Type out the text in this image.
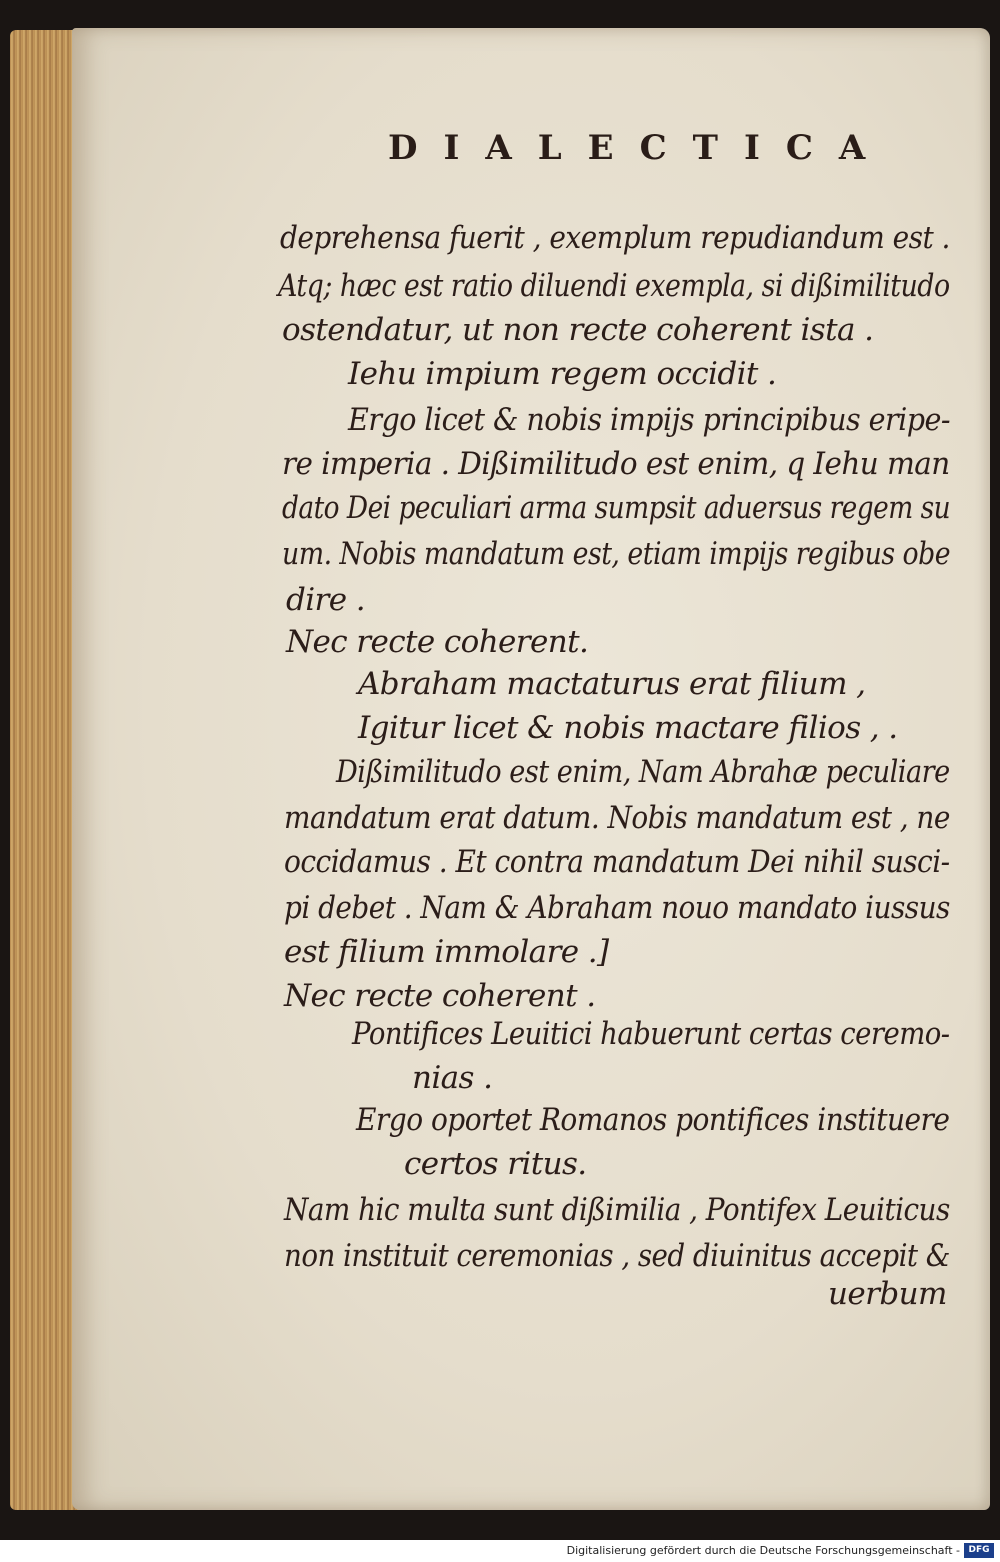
DIALECTICA
deprehensa fuerit , exemplum repudiandum est .
Atq; hæc est ratio diluendi exempla, si dißimilitudo
ostendatur, ut non recte coherent ista .
Iehu impium regem occidit .
Ergo licet & nobis impijs principibus eripe-
re imperia . Dißimilitudo est enim, q Iehu man
dato Dei peculiari arma sumpsit aduersus regem su
um. Nobis mandatum est, etiam impijs regibus obe
dire .
Nec recte coherent.
Abraham mactaturus erat filium ,
Igitur licet & nobis mactare filios , .
Dißimilitudo est enim, Nam Abrahæ peculiare
mandatum erat datum. Nobis mandatum est , ne
occidamus . Et contra mandatum Dei nihil susci-
pi debet . Nam & Abraham nouo mandato iussus
est filium immolare .]
Nec recte coherent .
Pontifices Leuitici habuerunt certas ceremo-
nias .
Ergo oportet Romanos pontifices instituere
certos ritus.
Nam hic multa sunt dißimilia , Pontifex Leuiticus
non instituit ceremonias , sed diuinitus accepit &
uerbum
Digitalisierung gefördert durch die Deutsche Forschungsgemeinschaft - DFG
